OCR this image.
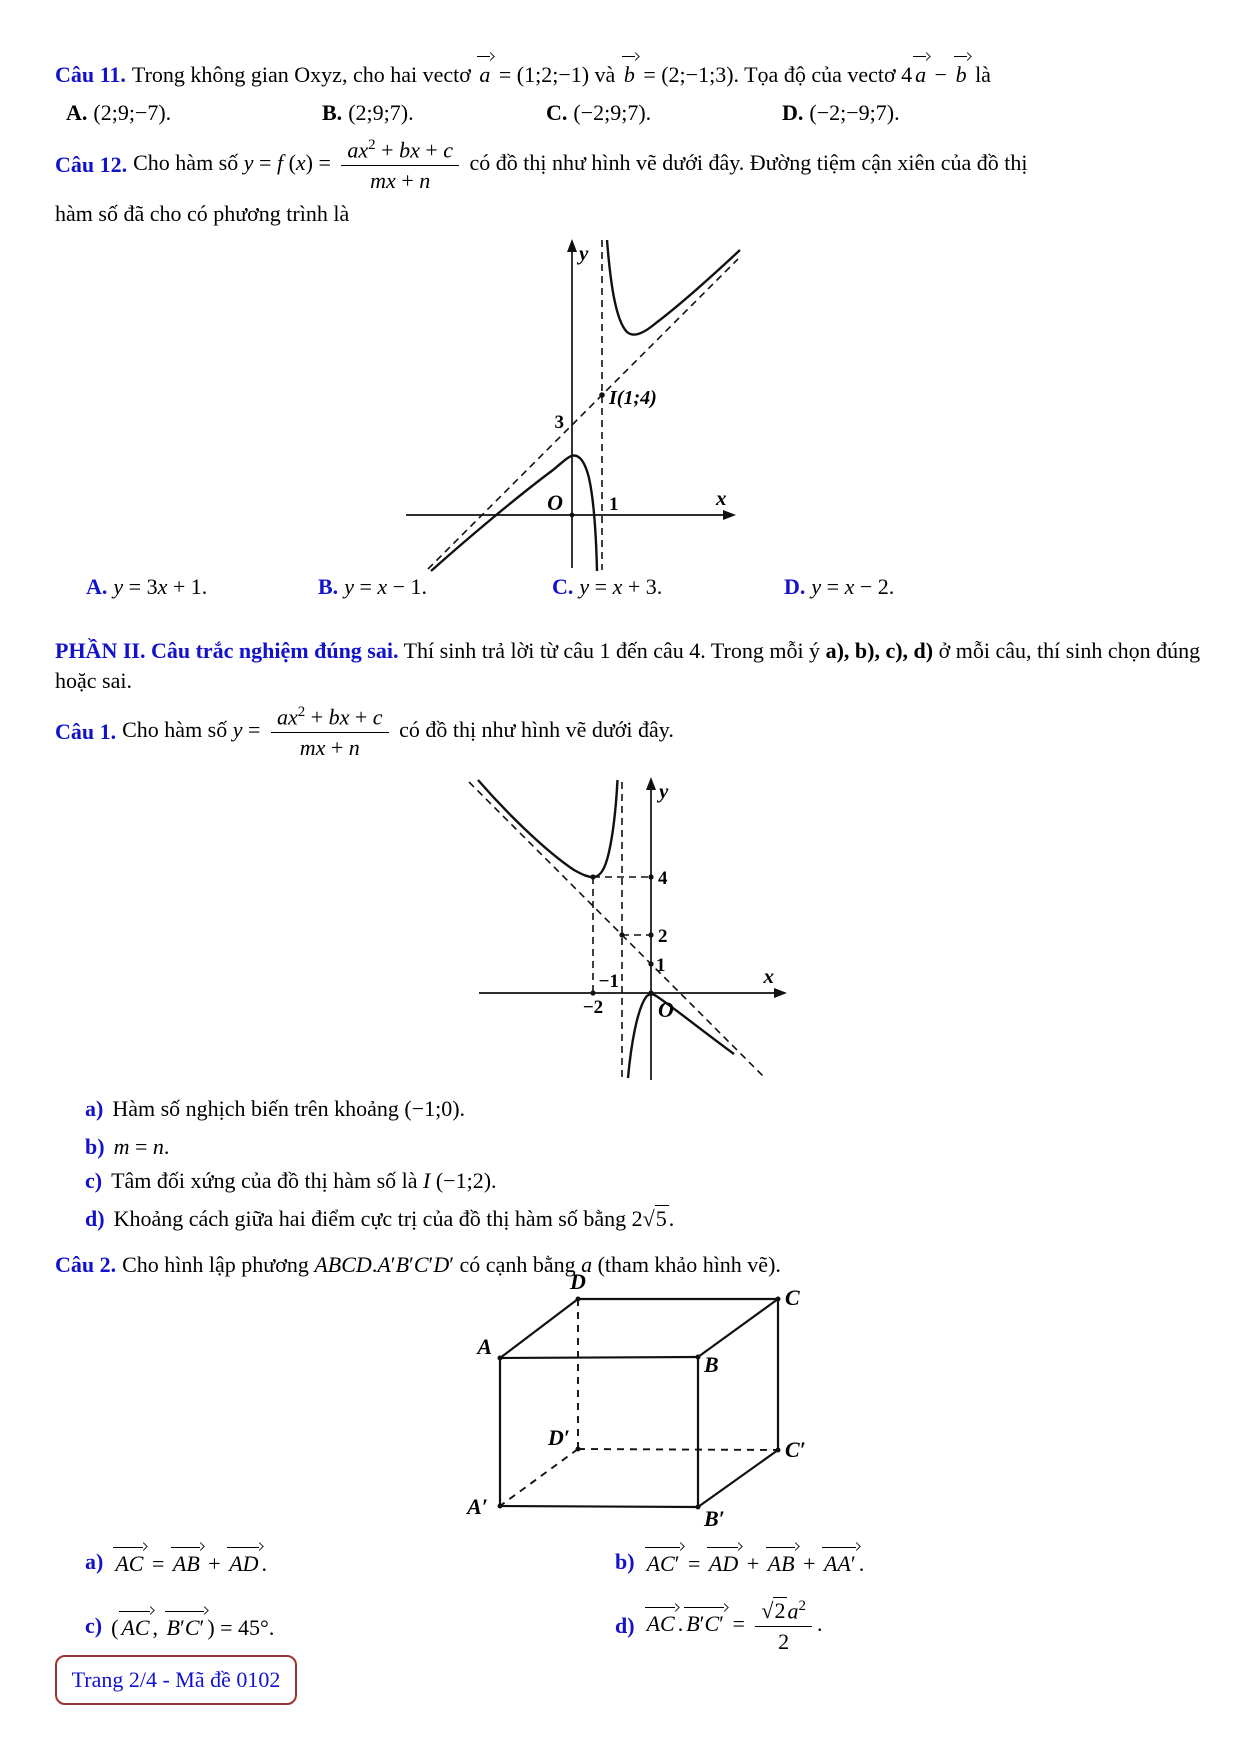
Câu 11. Trong không gian Oxyz, cho hai vectơ a = (1;2;−1) và b = (2;−1;3). Tọa độ của vectơ 4 a − b là
A. (2;9;−7).	B. (2;9;7).	C. (−2;9;7).	D. (−2;−9;7).
Câu 12. Cho hàm số y = f $(x) = \frac{ax^2 + bx + c}{mx + n}$ có đồ thị như hình vẽ dưới đây. Đường tiệm cận xiên của đồ thị
hàm số đã cho có phương trình là
y
x
O 1
3
I(1;4)
A. y = 3x + 1.	B. y = x − 1.	C. y = x + 3.	D. y = x − 2.
PHẦN II. Câu trắc nghiệm đúng sai. Thí sinh trả lời từ câu 1 đến câu 4. Trong mỗi ý a), b), c), d) ở mỗi câu, thí sinh chọn đúng hoặc sai.
Câu 1. Cho hàm số $y = \frac{ax^2 + bx + c}{mx + n}$ có đồ thị như hình vẽ dưới đây.
y
x
4
2
1
−1
−2 O
a) Hàm số nghịch biến trên khoảng (−1;0).
b) m = n.
c) Tâm đối xứng của đồ thị hàm số là I (−1;2).
d) Khoảng cách giữa hai điểm cực trị của đồ thị hàm số bằng 2√5.
Câu 2. Cho hình lập phương ABCD.A′B′C′D′ có cạnh bằng a (tham khảo hình vẽ).
D
C
A
B
D′	C′
A′	B′
a) AC = AB + AD .	b) AC′ = AD + AB + AA′ .
c) ( AC , B′C′ ) = 45°.	d) AC . $B'C' = \frac{√2a^2}{2}$ .
Trang 2/4 - Mã đề 0102
